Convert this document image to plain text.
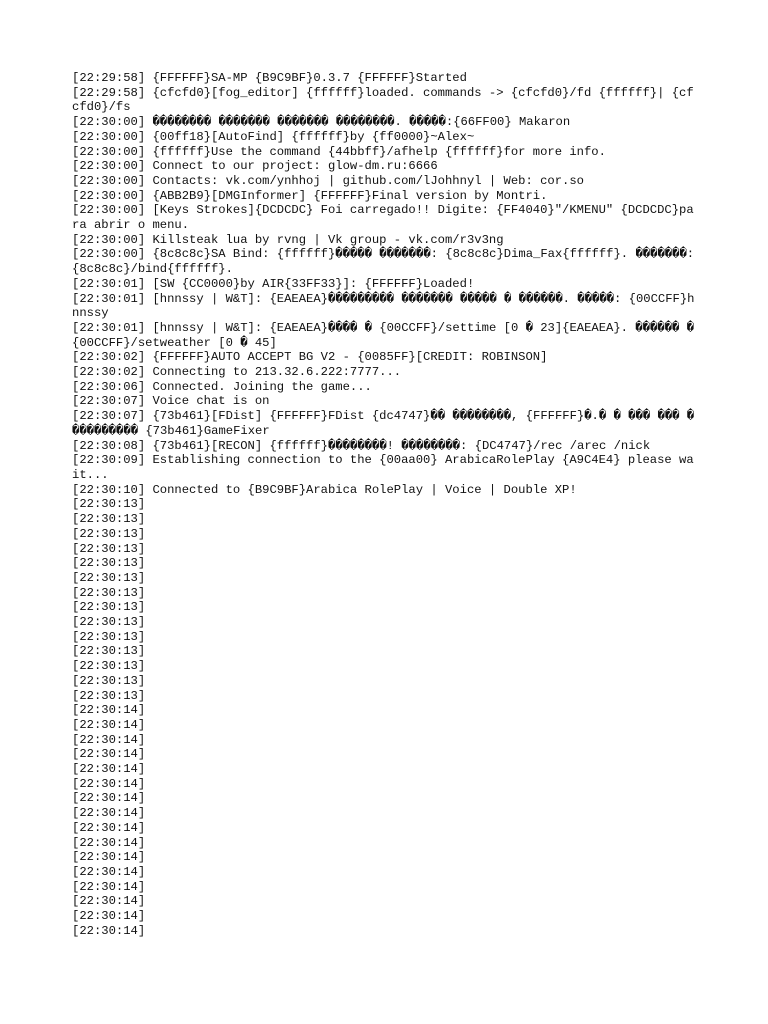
[22:29:58] {FFFFFF}SA-MP {B9C9BF}0.3.7 {FFFFFF}Started
[22:29:58] {cfcfd0}[fog_editor] {ffffff}loaded. commands -> {cfcfd0}/fd {ffffff}| {cfcfd0}/fs
[22:30:00] �������� ������� ������� ��������. �����:{66FF00} Makaron
[22:30:00] {00ff18}[AutoFind] {ffffff}by {ff0000}~Alex~
[22:30:00] {ffffff}Use the command {44bbff}/afhelp {ffffff}for more info.
[22:30:00] Connect to our project: glow-dm.ru:6666
[22:30:00] Contacts: vk.com/ynhhoj | github.com/lJohhnyl | Web: cor.so
[22:30:00] {ABB2B9}[DMGInformer] {FFFFFF}Final version by Montri.
[22:30:00] [Keys Strokes]{DCDCDC} Foi carregado!! Digite: {FF4040}"/KMENU" {DCDCDC}para abrir o menu.
[22:30:00] Killsteak lua by rvng | Vk group - vk.com/r3v3ng
[22:30:00] {8c8c8c}SA Bind: {ffffff}����� �������: {8c8c8c}Dima_Fax{ffffff}. �������: {8c8c8c}/bind{ffffff}.
[22:30:01] [SW {CC0000}by AIR{33FF33}]: {FFFFFF}Loaded!
[22:30:01] [hnnssy | W&T]: {EAEAEA}��������� ������� ����� � ������. �����: {00CCFF}hnnssy
[22:30:01] [hnnssy | W&T]: {EAEAEA}���� � {00CCFF}/settime [0 � 23]{EAEAEA}. ������ � {00CCFF}/setweather [0 � 45]
[22:30:02] {FFFFFF}AUTO ACCEPT BG V2 - {0085FF}[CREDIT: ROBINSON]
[22:30:02] Connecting to 213.32.6.222:7777...
[22:30:06] Connected. Joining the game...
[22:30:07] Voice chat is on
[22:30:07] {73b461}[FDist] {FFFFFF}FDist {dc4747}�� ��������, {FFFFFF}�.� � ��� ��� ���������� {73b461}GameFixer
[22:30:08] {73b461}[RECON] {ffffff}��������! ��������: {DC4747}/rec /arec /nick
[22:30:09] Establishing connection to the {00aa00} ArabicaRolePlay {A9C4E4} please wait...
[22:30:10] Connected to {B9C9BF}Arabica RolePlay | Voice | Double XP!
[22:30:13]
[22:30:13]
[22:30:13]
[22:30:13]
[22:30:13]
[22:30:13]
[22:30:13]
[22:30:13]
[22:30:13]
[22:30:13]
[22:30:13]
[22:30:13]
[22:30:13]
[22:30:13]
[22:30:14]
[22:30:14]
[22:30:14]
[22:30:14]
[22:30:14]
[22:30:14]
[22:30:14]
[22:30:14]
[22:30:14]
[22:30:14]
[22:30:14]
[22:30:14]
[22:30:14]
[22:30:14]
[22:30:14]
[22:30:14]
